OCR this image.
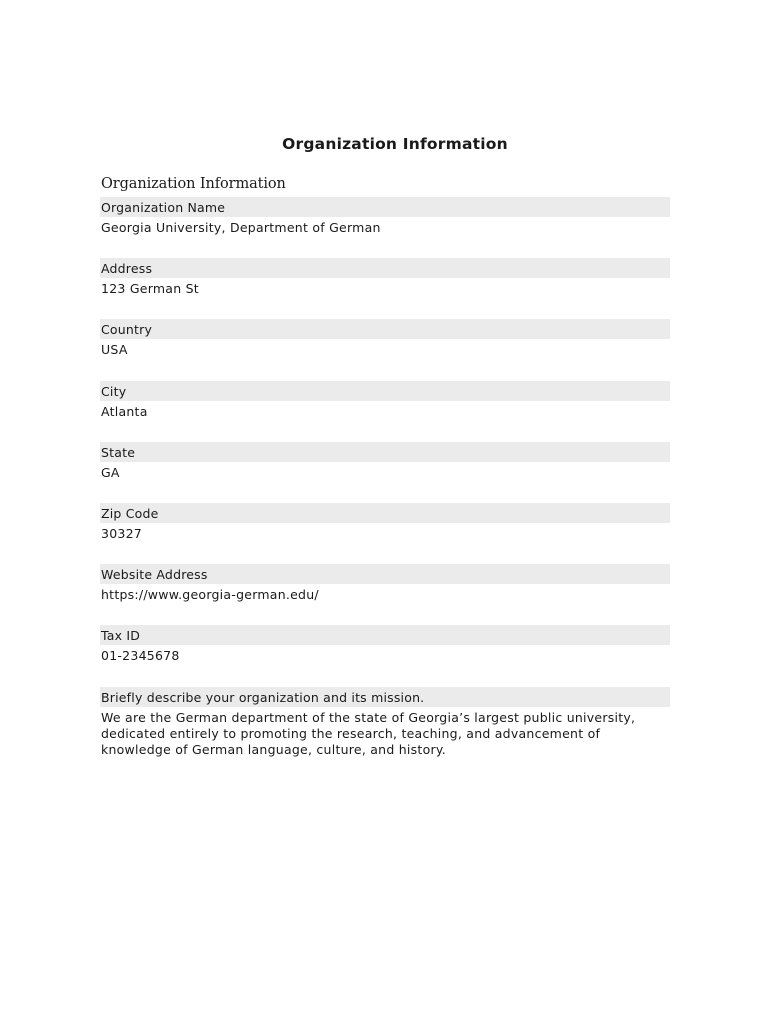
Organization Information
Organization Information
Organization Name
Georgia University, Department of German
Address
123 German St
Country
USA
City
Atlanta
State
GA
Zip Code
30327
Website Address
https://www.georgia-german.edu/
Tax ID
01-2345678
Briefly describe your organization and its mission.
We are the German department of the state of Georgia’s largest public university, dedicated entirely to promoting the research, teaching, and advancement of knowledge of German language, culture, and history.
